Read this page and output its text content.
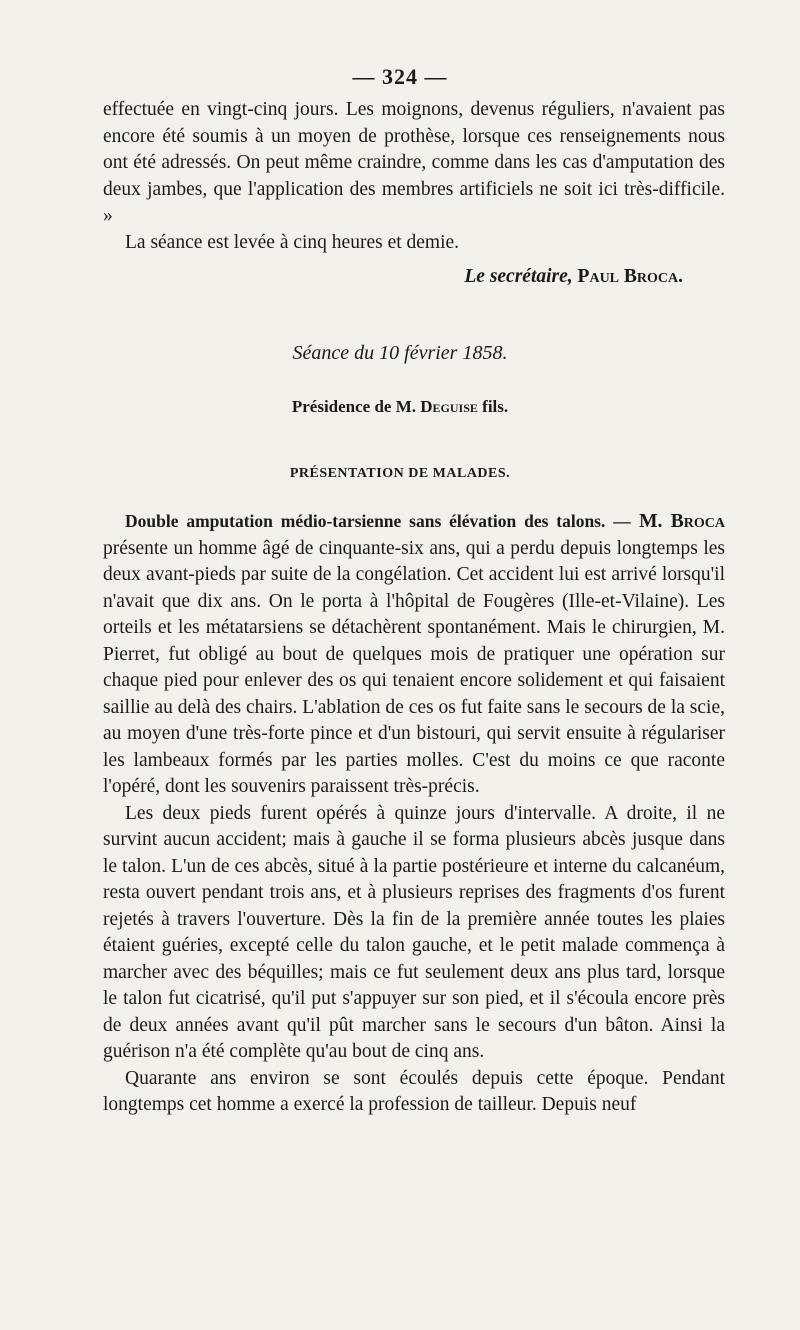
— 324 —

effectuée en vingt-cinq jours. Les moignons, devenus réguliers, n'avaient pas encore été soumis à un moyen de prothèse, lorsque ces renseignements nous ont été adressés. On peut même craindre, comme dans les cas d'amputation des deux jambes, que l'application des membres artificiels ne soit ici très-difficile. »

La séance est levée à cinq heures et demie.

Le secrétaire, Paul Broca.
Séance du 10 février 1858.
Présidence de M. Deguise fils.
PRÉSENTATION DE MALADES.

Double amputation médio-tarsienne sans élévation des talons. — M. Broca présente un homme âgé de cinquante-six ans, qui a perdu depuis longtemps les deux avant-pieds par suite de la congélation. Cet accident lui est arrivé lorsqu'il n'avait que dix ans. On le porta à l'hôpital de Fougères (Ille-et-Vilaine). Les orteils et les métatarsiens se détachèrent spontanément. Mais le chirurgien, M. Pierret, fut obligé au bout de quelques mois de pratiquer une opération sur chaque pied pour enlever des os qui tenaient encore solidement et qui faisaient saillie au delà des chairs. L'ablation de ces os fut faite sans le secours de la scie, au moyen d'une très-forte pince et d'un bistouri, qui servit ensuite à régulariser les lambeaux formés par les parties molles. C'est du moins ce que raconte l'opéré, dont les souvenirs paraissent très-précis.

Les deux pieds furent opérés à quinze jours d'intervalle. A droite, il ne survint aucun accident; mais à gauche il se forma plusieurs abcès jusque dans le talon. L'un de ces abcès, situé à la partie postérieure et interne du calcanéum, resta ouvert pendant trois ans, et à plusieurs reprises des fragments d'os furent rejetés à travers l'ouverture. Dès la fin de la première année toutes les plaies étaient guéries, excepté celle du talon gauche, et le petit malade commença à marcher avec des béquilles; mais ce fut seulement deux ans plus tard, lorsque le talon fut cicatrisé, qu'il put s'appuyer sur son pied, et il s'écoula encore près de deux années avant qu'il pût marcher sans le secours d'un bâton. Ainsi la guérison n'a été complète qu'au bout de cinq ans.

Quarante ans environ se sont écoulés depuis cette époque. Pendant longtemps cet homme a exercé la profession de tailleur. Depuis neuf
